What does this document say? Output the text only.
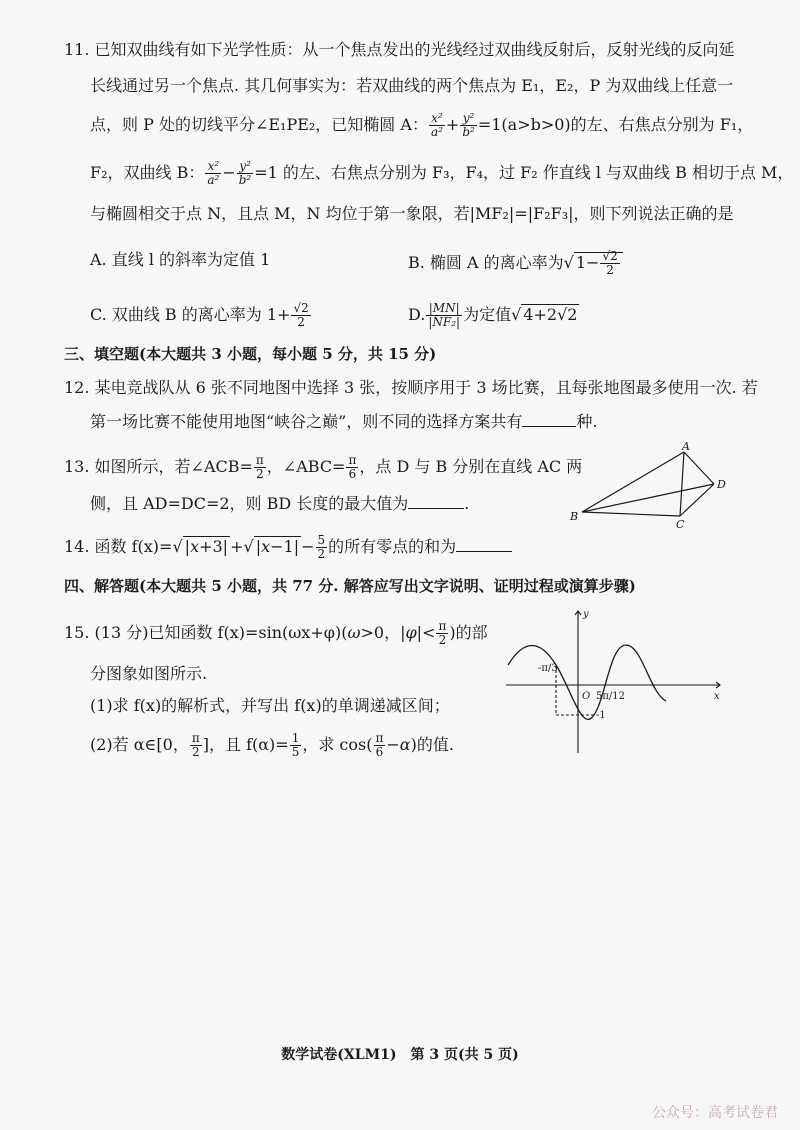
11. 已知双曲线有如下光学性质：从一个焦点发出的光线经过双曲线反射后，反射光线的反向延
长线通过另一个焦点. 其几何事实为：若双曲线的两个焦点为 E₁，E₂，P 为双曲线上任意一
点，则 P 处的切线平分∠E₁PE₂，已知椭圆 A： $\frac{\text{x²}}{\text{a²}} + \frac{\text{y²}}{\text{b²}} =1(a>b>0)$的左、右焦点分别为 F₁，
F₂，双曲线 B： $\frac{\text{x²}}{\text{a²}} - \frac{\text{y²}}{\text{b²}} =1$ 的左、右焦点分别为 F₃，F₄，过 F₂ 作直线 l 与双曲线 B 相切于点 M，
与椭圆相交于点 N，且点 M，N 均位于第一象限，若|MF₂|=|F₂F₃|，则下列说法正确的是
A. 直线 l 的斜率为定值 1	B. 椭圆 A 的离心率为√ $1- \frac{√2}{2}$
C. 双曲线 B 的离心率为 $1+ \frac{√2}{2}$	D. $\frac{|MN|}{\text{|NF₂|}}$ 为定值√ 4+2√2
三、填空题(本大题共 3 小题，每小题 5 分，共 15 分)
12. 某电竞战队从 6 张不同地图中选择 3 张，按顺序用于 3 场比赛，且每张地图最多使用一次. 若
第一场比赛不能使用地图“峡谷之巅”，则不同的选择方案共有	种.
13. 如图所示，若∠ACB= $\frac{\pi}{2}$ ，∠ABC= $\frac{\pi}{6}$ ，点 D 与 B 分别在直线 AC 两
侧，且 AD=DC=2，则 BD 长度的最大值为	.
A
B
C
D
14. 函数 f(x)=√ |x+3| +√ $|x-1| - \frac{5}{2}$ 的所有零点的和为
四、解答题(本大题共 5 小题，共 77 分. 解答应写出文字说明、证明过程或演算步骤)
15. (13 分)已知函数 f(x)=sin(ωx+φ)(ω>0，$|\varphi|< \frac{\pi}{2}$ )的部
分图象如图所示.
(1)求 f(x)的解析式，并写出 f(x)的单调递减区间；
(2)若 α∈[0， $\frac{\pi}{2}$ ]，且 $f(\alpha)= \frac{1}{5}$ ，求 $\cos( \frac{\pi}{6} -\alpha)$的值.
y
x
O
-1
-π/3
5π/12
数学试卷(XLM1)　第 3 页(共 5 页)
公众号：高考试卷君
